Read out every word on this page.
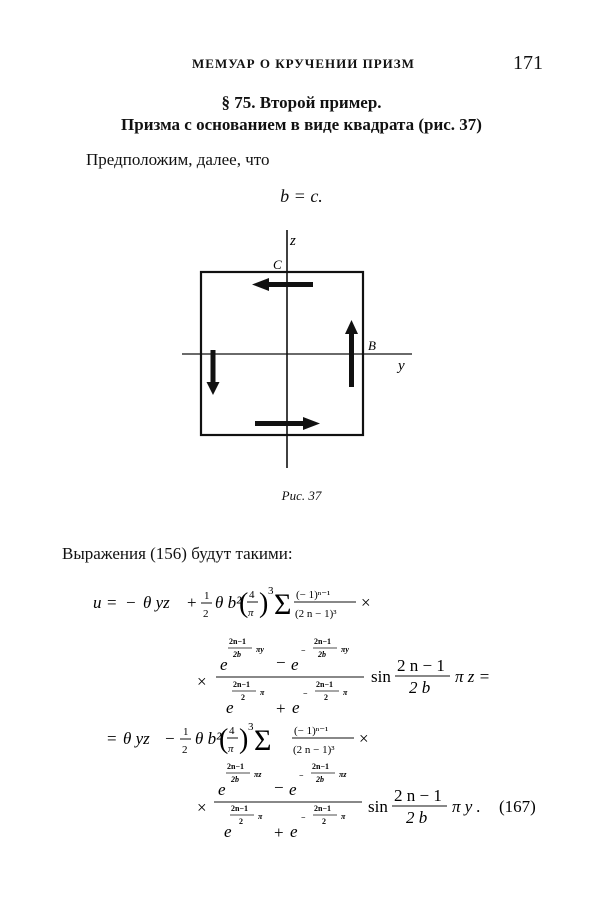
МЕМУАР О КРУЧЕНИИ ПРИЗМ	171
§ 75. Второй пример.
Призма с основанием в виде квадрата (рис. 37)
Предположим, далее, что
b = c.
z
y
C
B
Рис. 37
Выражения (156) будут такими:
u = − θ yz + 1
2
θ b²
( 4
π ) 3 Σ (− 1)ⁿ⁻¹
(2 n − 1)³
×
×
e
2n−1
2b
πy
− e
−
2n−1
2b
πy
e
2n−1
2
π
+ e
−
2n−1
2
π
sin
2 n − 1
2 b
π z =
= θ yz − 1
2
θ b²
( 4
π ) 3 Σ (− 1)ⁿ⁻¹
(2 n − 1)³
×
×
e
2n−1
2b
πz
− e
−
2n−1
2b
πz
e
2n−1
2
π
+ e
−
2n−1
2
π
sin
2 n − 1
2 b
π y . (167)
